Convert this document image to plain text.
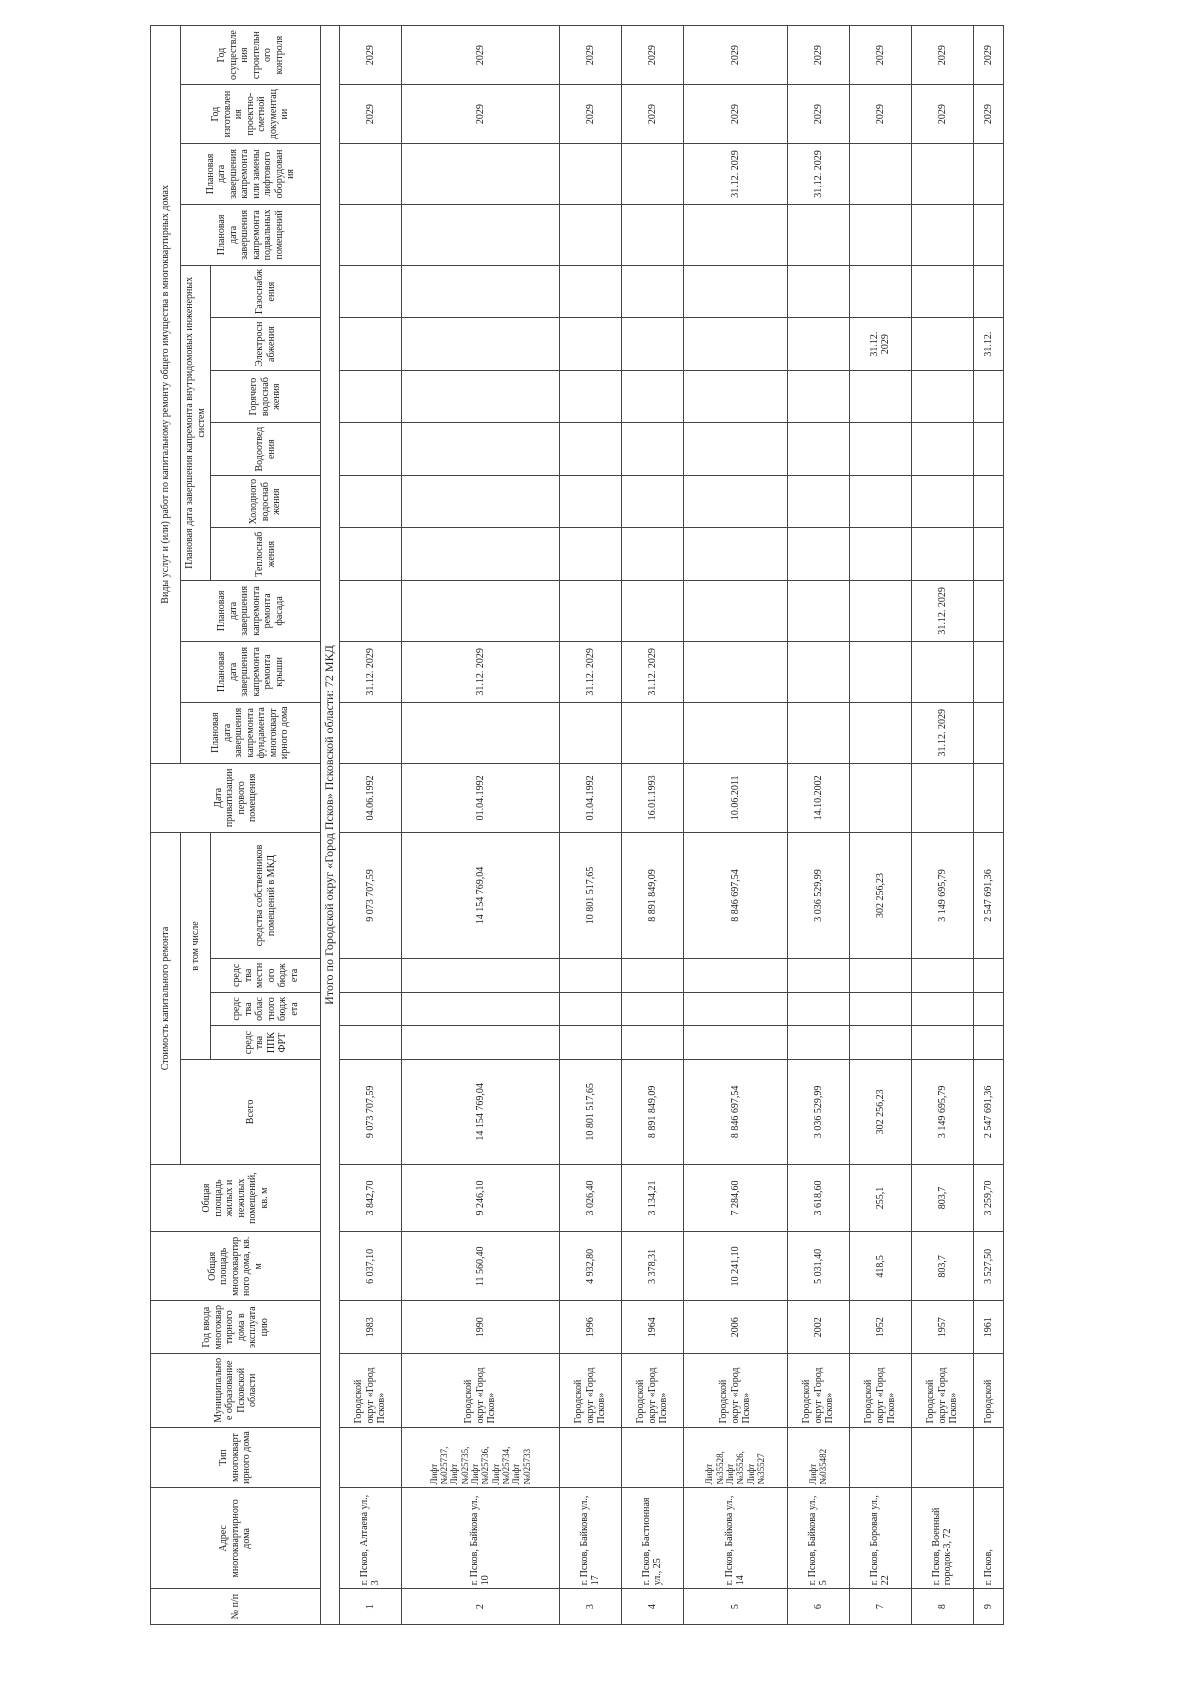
№ п/п	Адрес многоквартирного дома	Тип многоквартирного дома	Муниципальное образование Псковской области	Год ввода многоквартирного дома в эксплуатацию	Общая площадь многоквартирного дома, кв. м	Общая площадь жилых и нежилых помещений, кв. м	Стоимость капитального ремонта					Дата приватизации первого помещения	Виды услуг и (или) работ по капитальному ремонту общего имущества в многоквартирных домах												
							Всего	в том числе					Плановая дата завершения капремонта фундамента многоквартирного дома	Плановая дата завершения капремонта ремонта крыши	Плановая дата завершения капремонта ремонта фасада	Плановая дата завершения капремонта внутридомовых инженерных систем						Плановая дата завершения капремонта подвальных помещений	Плановая дата завершения капремонта или замены лифтового оборудования	Год изготовления проектно-сметной документации	Год осуществления строительного контроля
								средства ППК ФРТ	средства областного бюджета	средства местного бюджета	средства собственников помещений в МКД					Теплоснабжения	Холодного водоснабжения	Водоотведения	Горячего водоснабжения	Электроснабжения	Газоснабжения				
Итого по Городской округ «Город Псков» Псковской области: 72 МКД																									
1	г. Псков, Алтаева ул., 3		Городской округ «Город Псков»	1983	6 037,10	3 842,70	9 073 707,59				9 073 707,59	04.06.1992		31.12. 2029										2029	2029
2	г. Псков, Байкова ул., 10	Лифт №025737, Лифт №025735, Лифт №025736, Лифт №025734, Лифт №025733	Городской округ «Город Псков»	1990	11 560,40	9 246,10	14 154 769,04				14 154 769,04	01.04.1992		31.12. 2029										2029	2029
3	г. Псков, Байкова ул., 17		Городской округ «Город Псков»	1996	4 932,80	3 026,40	10 801 517,65				10 801 517,65	01.04.1992		31.12. 2029										2029	2029
4	г. Псков, Бастионная ул., 25		Городской округ «Город Псков»	1964	3 378,31	3 134,21	8 891 849,09				8 891 849,09	16.01.1993		31.12. 2029										2029	2029
5	г. Псков, Байкова ул., 14	Лифт №35528, Лифт №35526, Лифт №35527	Городской округ «Город Псков»	2006	10 241,10	7 284,60	8 846 697,54				8 846 697,54	10.06.2011											31.12. 2029	2029	2029
6	г. Псков, Байкова ул., 5	Лифт №035482	Городской округ «Город Псков»	2002	5 031,40	3 618,60	3 036 529,99				3 036 529,99	14.10.2002											31.12. 2029	2029	2029
7	г. Псков, Боровая ул., 22		Городской округ «Город Псков»	1952	418,5	255,1	302 256,23				302 256,23									31.12. 2029				2029	2029
8	г. Псков, Военный городок-3, 72		Городской округ «Город Псков»	1957	803,7	803,7	3 149 695,79				3 149 695,79		31.12. 2029		31.12. 2029									2029	2029
9	г. Псков,		Городской	1961	3 527,50	3 259,70	2 547 691,36				2 547 691,36									31.12.				2029	2029
